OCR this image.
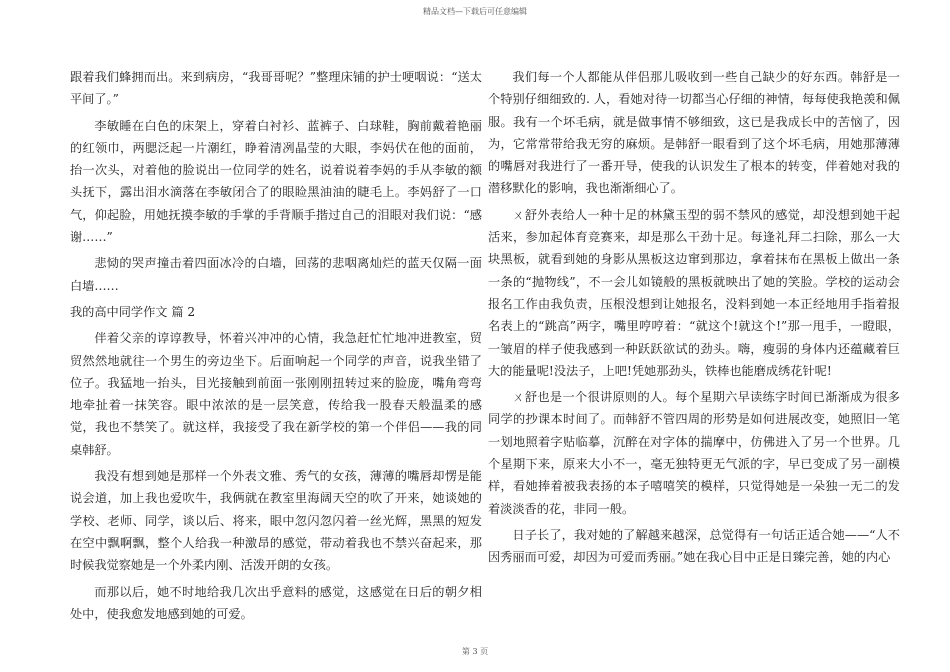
精品文档—下载后可任意编辑

跟着我们蜂拥而出。来到病房，“我哥哥呢？”整理床铺的护士哽咽说：“送太平间了。”

李敏睡在白色的床架上，穿着白衬衫、蓝裤子、白球鞋，胸前戴着艳丽的红领巾，两腮泛起一片潮红，睁着清冽晶莹的大眼，李妈伏在他的面前，抬一次头，对着他的脸说出一位同学的姓名，说着说着李妈的手从李敏的额头抚下，露出泪水滴落在李敏闭合了的眼睑黑油油的睫毛上。李妈舒了一口气，仰起脸，用她抚摸李敏的手掌的手背顺手揩过自己的泪眼对我们说：“感谢……”

悲恸的哭声撞击着四面冰冷的白墙，回荡的悲咽离灿烂的蓝天仅隔一面白墙……

我的高中同学作文 篇 2

伴着父亲的谆谆教导，怀着兴冲冲的心情，我急赶忙忙地冲进教室，贸贸然然地就往一个男生的旁边坐下。后面响起一个同学的声音，说我坐错了位子。我猛地一抬头，目光接触到前面一张刚刚扭转过来的脸庞，嘴角弯弯地牵扯着一抹笑容。眼中浓浓的是一层笑意，传给我一股春天般温柔的感觉，我也不禁笑了。就这样，我接受了我在新学校的第一个伴侣——我的同桌韩舒。

我没有想到她是那样一个外表文雅、秀气的女孩，薄薄的嘴唇却愣是能说会道，加上我也爱吹牛，我俩就在教室里海阔天空的吹了开来，她谈她的学校、老师、同学，谈以后、将来，眼中忽闪忽闪着一丝光辉，黑黑的短发在空中飘啊飘，整个人给我一种激昂的感觉，带动着我也不禁兴奋起来，那时候我觉察她是一个外柔内刚、活泼开朗的女孩。

而那以后，她不时地给我几次出乎意料的感觉，这感觉在日后的朝夕相处中，使我愈发地感到她的可爱。

我们每一个人都能从伴侣那儿吸收到一些自己缺少的好东西。韩舒是一个特别仔细细致的. 人，看她对待一切都当心仔细的神情，每每使我艳羡和佩服。我有一个坏毛病，就是做事情不够细致，这已是我成长中的苦恼了，因为，它常常带给我无穷的麻烦。是韩舒一眼看到了这个坏毛病，用她那薄薄的嘴唇对我进行了一番开导，使我的认识发生了根本的转变，伴着她对我的潜移默化的影响，我也渐渐细心了。

ㄨ舒外表给人一种十足的林黛玉型的弱不禁风的感觉，却没想到她干起活来，参加起体育竞赛来，却是那么干劲十足。每逢礼拜二扫除，那么一大块黑板，就看到她的身影从黑板这边窜到那边，拿着抹布在黑板上做出一条一条的“抛物线”，不一会儿如镜般的黑板就映出了她的笑脸。学校的运动会报名工作由我负责，压根没想到让她报名，没料到她一本正经地用手指着报名表上的“跳高”两字，嘴里哼哼着：“就这个!就这个!”那一甩手，一瞪眼，一皱眉的样子使我感到一种跃跃欲试的劲头。嗨，瘦弱的身体内还蕴藏着巨大的能量呢!没法子，上吧!凭她那劲头，铁棒也能磨成绣花针呢!

ㄨ舒也是一个很讲原则的人。每个星期六早读练字时间已渐渐成为很多同学的抄课本时间了。而韩舒不管四周的形势是如何进展改变，她照旧一笔一划地照着字贴临摹，沉醉在对字体的揣摩中，仿佛进入了另一个世界。几个星期下来，原来大小不一，毫无独特更无气派的字，早已变成了另一副模样，看她捧着被我表扬的本子嘻嘻笑的模样，只觉得她是一朵独一无二的发着淡淡香的花，非同一般。

日子长了，我对她的了解越来越深，总觉得有一句话正适合她——“人不因秀丽而可爱，却因为可爱而秀丽。”她在我心目中正是日臻完善，她的内心

第 3 页
